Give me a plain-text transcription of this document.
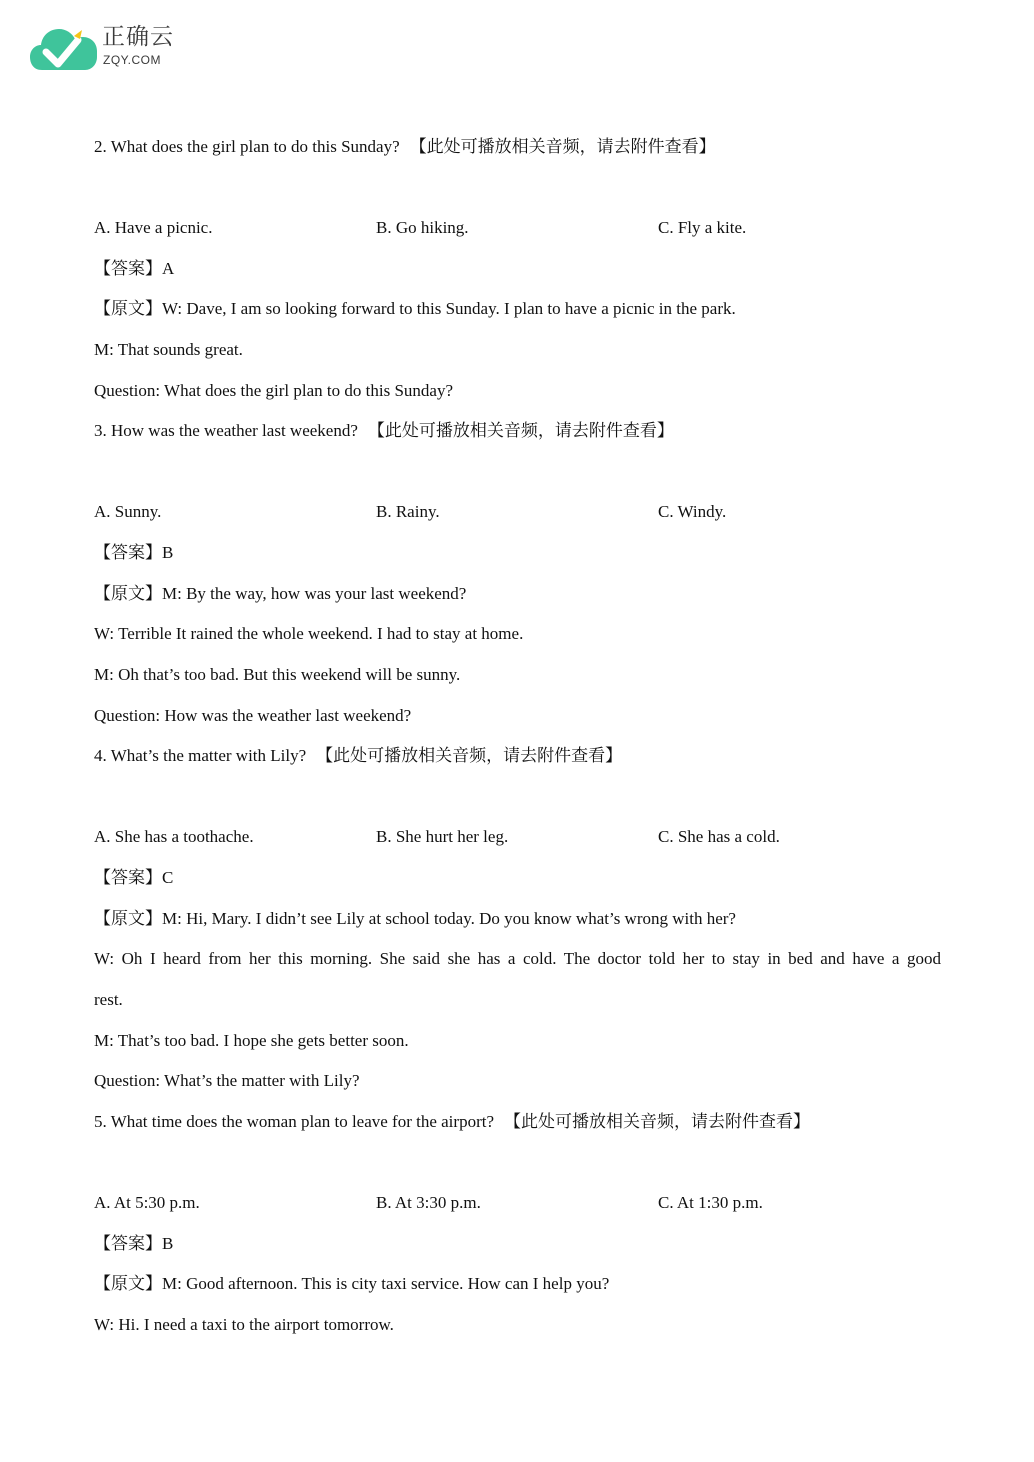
正确云
ZQY.COM
2. What does the girl plan to do this Sunday? 【此处可播放相关音频，请去附件查看】
A. Have a picnic.	B. Go hiking.	C. Fly a kite.
【答案】A
【原文】W: Dave, I am so looking forward to this Sunday. I plan to have a picnic in the park.
M: That sounds great.
Question: What does the girl plan to do this Sunday?
3. How was the weather last weekend? 【此处可播放相关音频，请去附件查看】
A. Sunny.	B. Rainy.	C. Windy.
【答案】B
【原文】M: By the way, how was your last weekend?
W: Terrible It rained the whole weekend. I had to stay at home.
M: Oh that’s too bad. But this weekend will be sunny.
Question: How was the weather last weekend?
4. What’s the matter with Lily? 【此处可播放相关音频，请去附件查看】
A. She has a toothache.	B. She hurt her leg.	C. She has a cold.
【答案】C
【原文】M: Hi, Mary. I didn’t see Lily at school today. Do you know what’s wrong with her?
W: Oh I heard from her this morning. She said she has a cold. The doctor told her to stay in bed and have a good
rest.
M: That’s too bad. I hope she gets better soon.
Question: What’s the matter with Lily?
5. What time does the woman plan to leave for the airport? 【此处可播放相关音频，请去附件查看】
A. At 5:30 p.m.	B. At 3:30 p.m.	C. At 1:30 p.m.
【答案】B
【原文】M: Good afternoon. This is city taxi service. How can I help you?
W: Hi. I need a taxi to the airport tomorrow.
